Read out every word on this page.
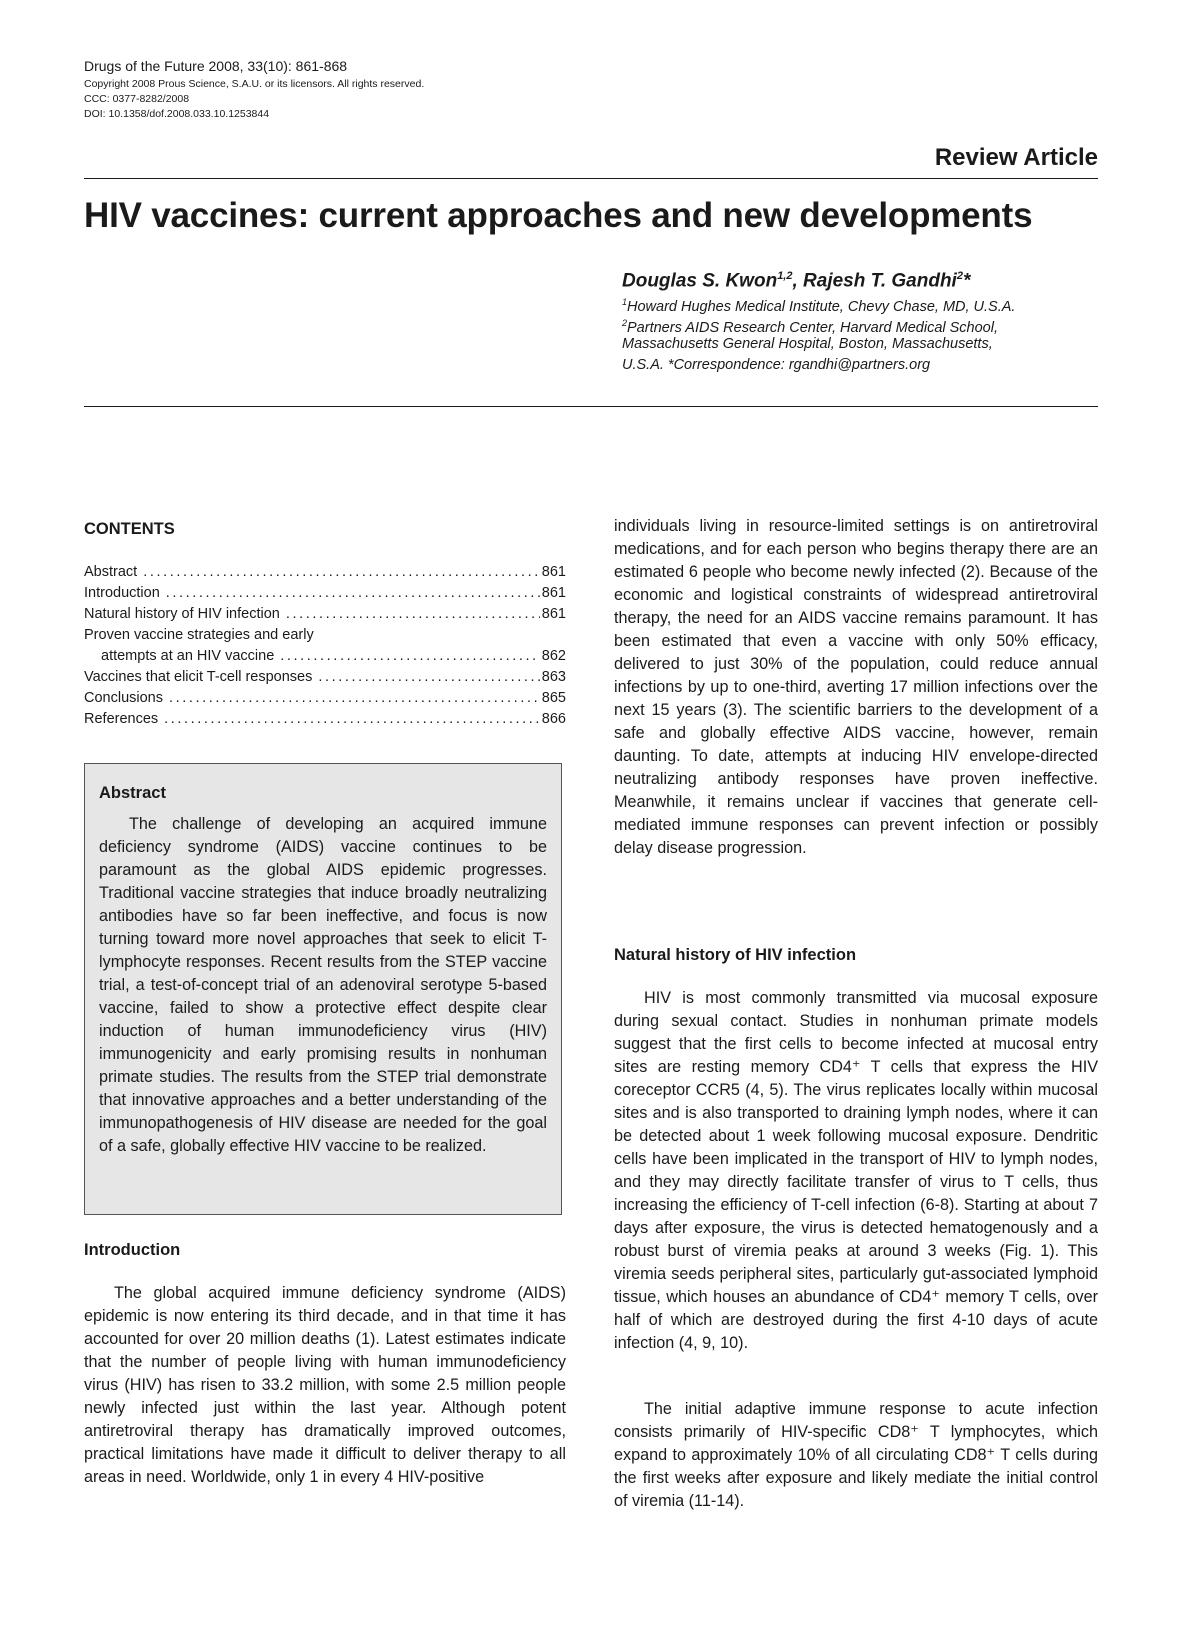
Drugs of the Future 2008, 33(10): 861-868
Copyright 2008 Prous Science, S.A.U. or its licensors. All rights reserved.
CCC: 0377-8282/2008
DOI: 10.1358/dof.2008.033.10.1253844
Review Article
HIV vaccines: current approaches and new developments
Douglas S. Kwon$^{1,2}$, Rajesh T. Gandhi$^2$*
$^1$Howard Hughes Medical Institute, Chevy Chase, MD, U.S.A.
$^2$Partners AIDS Research Center, Harvard Medical School,
Massachusetts General Hospital, Boston, Massachusetts,
U.S.A. *Correspondence: rgandhi@partners.org
CONTENTS
Abstract .....	861
Introduction .....	861
Natural history of HIV infection .....	861
Proven vaccine strategies and early
attempts at an HIV vaccine .....	862
Vaccines that elicit T-cell responses .....	863
Conclusions .....	865
References .....	866
Abstract

The challenge of developing an acquired immune deficiency syndrome (AIDS) vaccine continues to be paramount as the global AIDS epidemic progresses. Traditional vaccine strategies that induce broadly neutralizing antibodies have so far been ineffective, and focus is now turning toward more novel approaches that seek to elicit T-lymphocyte responses. Recent results from the STEP vaccine trial, a test-of-concept trial of an adenoviral serotype 5-based vaccine, failed to show a protective effect despite clear induction of human immunodeficiency virus (HIV) immunogenicity and early promising results in nonhuman primate studies. The results from the STEP trial demonstrate that innovative approaches and a better understanding of the immunopathogenesis of HIV disease are needed for the goal of a safe, globally effective HIV vaccine to be realized.

Introduction

The global acquired immune deficiency syndrome (AIDS) epidemic is now entering its third decade, and in that time it has accounted for over 20 million deaths (1). Latest estimates indicate that the number of people living with human immunodeficiency virus (HIV) has risen to 33.2 million, with some 2.5 million people newly infected just within the last year. Although potent antiretroviral therapy has dramatically improved outcomes, practical limitations have made it difficult to deliver therapy to all areas in need. Worldwide, only 1 in every 4 HIV-positive

individuals living in resource-limited settings is on antiretroviral medications, and for each person who begins therapy there are an estimated 6 people who become newly infected (2). Because of the economic and logistical constraints of widespread antiretroviral therapy, the need for an AIDS vaccine remains paramount. It has been estimated that even a vaccine with only 50% efficacy, delivered to just 30% of the population, could reduce annual infections by up to one-third, averting 17 million infections over the next 15 years (3). The scientific barriers to the development of a safe and globally effective AIDS vaccine, however, remain daunting. To date, attempts at inducing HIV envelope-directed neutralizing antibody responses have proven ineffective. Meanwhile, it remains unclear if vaccines that generate cell-mediated immune responses can prevent infection or possibly delay disease progression.

Natural history of HIV infection

HIV is most commonly transmitted via mucosal exposure during sexual contact. Studies in nonhuman primate models suggest that the first cells to become infected at mucosal entry sites are resting memory CD4⁺ T cells that express the HIV coreceptor CCR5 (4, 5). The virus replicates locally within mucosal sites and is also transported to draining lymph nodes, where it can be detected about 1 week following mucosal exposure. Dendritic cells have been implicated in the transport of HIV to lymph nodes, and they may directly facilitate transfer of virus to T cells, thus increasing the efficiency of T-cell infection (6-8). Starting at about 7 days after exposure, the virus is detected hematogenously and a robust burst of viremia peaks at around 3 weeks (Fig. 1). This viremia seeds peripheral sites, particularly gut-associated lymphoid tissue, which houses an abundance of CD4⁺ memory T cells, over half of which are destroyed during the first 4-10 days of acute infection (4, 9, 10).

The initial adaptive immune response to acute infection consists primarily of HIV-specific CD8⁺ T lymphocytes, which expand to approximately 10% of all circulating CD8⁺ T cells during the first weeks after exposure and likely mediate the initial control of viremia (11-14).
